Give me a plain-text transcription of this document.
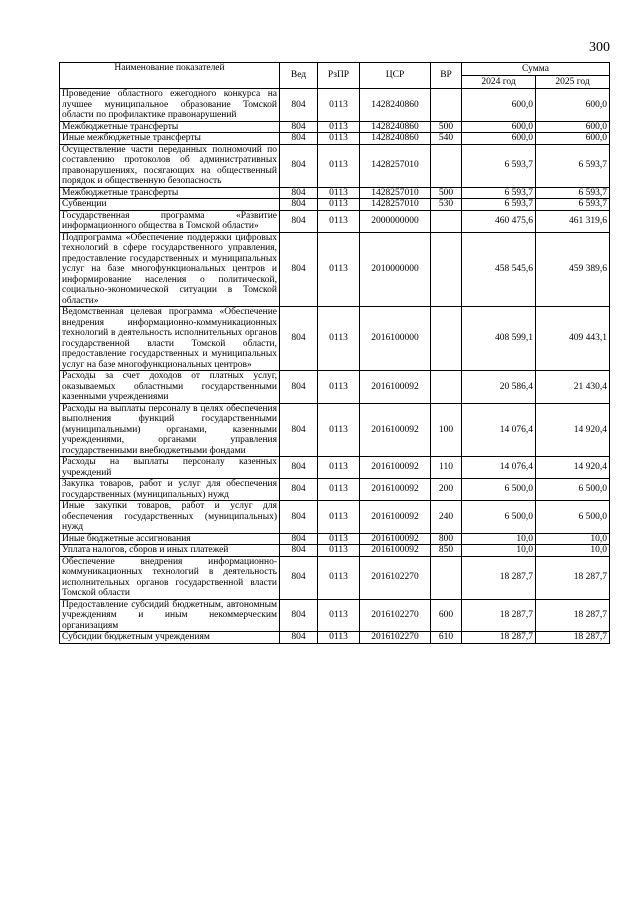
300
Наименование показателей	Вед	РзПР	ЦСР	ВР	Сумма	
					2024 год	2025 год
Проведение областного ежегодного конкурса на лучшее муниципальное образование Томской области по профилактике правонарушений	804	0113	1428240860		600,0	600,0
Межбюджетные трансферты	804	0113	1428240860	500	600,0	600,0
Иные межбюджетные трансферты	804	0113	1428240860	540	600,0	600,0
Осуществление части переданных полномочий по составлению протоколов об административных правонарушениях, посягающих на общественный порядок и общественную безопасность	804	0113	1428257010		6 593,7	6 593,7
Межбюджетные трансферты	804	0113	1428257010	500	6 593,7	6 593,7
Субвенции	804	0113	1428257010	530	6 593,7	6 593,7
Государственная программа «Развитие информационного общества в Томской области»	804	0113	2000000000		460 475,6	461 319,6
Подпрограмма «Обеспечение поддержки цифровых технологий в сфере государственного управления, предоставление государственных и муниципальных услуг на базе многофункциональных центров и информирование населения о политической, социально-экономической ситуации в Томской области»	804	0113	2010000000		458 545,6	459 389,6
Ведомственная целевая программа «Обеспечение внедрения информационно-коммуникационных технологий в деятельность исполнительных органов государственной власти Томской области, предоставление государственных и муниципальных услуг на базе многофункциональных центров»	804	0113	2016100000		408 599,1	409 443,1
Расходы за счет доходов от платных услуг, оказываемых областными государственными казенными учреждениями	804	0113	2016100092		20 586,4	21 430,4
Расходы на выплаты персоналу в целях обеспечения выполнения функций государственными (муниципальными) органами, казенными учреждениями, органами управления государственными внебюджетными фондами	804	0113	2016100092	100	14 076,4	14 920,4
Расходы на выплаты персоналу казенных учреждений	804	0113	2016100092	110	14 076,4	14 920,4
Закупка товаров, работ и услуг для обеспечения государственных (муниципальных) нужд	804	0113	2016100092	200	6 500,0	6 500,0
Иные закупки товаров, работ и услуг для обеспечения государственных (муниципальных) нужд	804	0113	2016100092	240	6 500,0	6 500,0
Иные бюджетные ассигнования	804	0113	2016100092	800	10,0	10,0
Уплата налогов, сборов и иных платежей	804	0113	2016100092	850	10,0	10,0
Обеспечение внедрения информационно-коммуникационных технологий в деятельность исполнительных органов государственной власти Томской области	804	0113	2016102270		18 287,7	18 287,7
Предоставление субсидий бюджетным, автономным учреждениям и иным некоммерческим организациям	804	0113	2016102270	600	18 287,7	18 287,7
Субсидии бюджетным учреждениям	804	0113	2016102270	610	18 287,7	18 287,7
